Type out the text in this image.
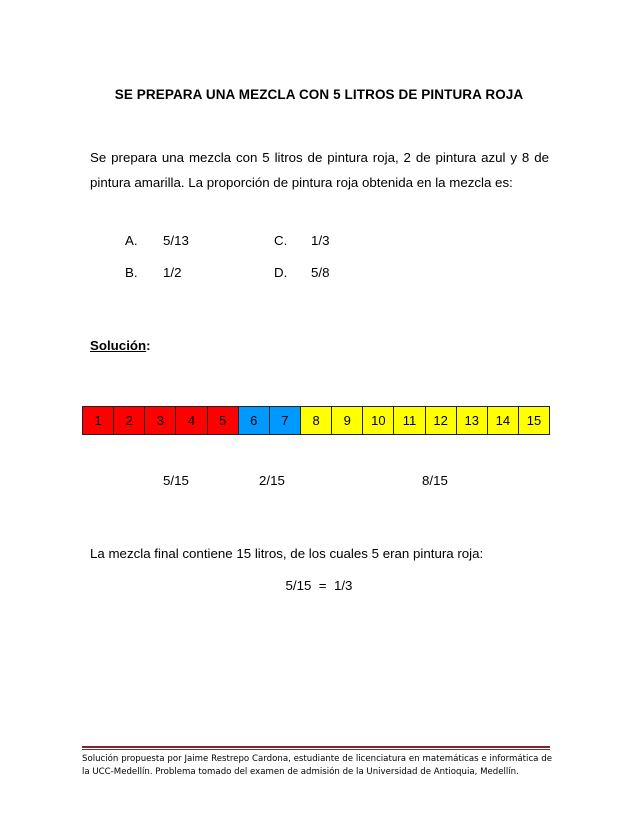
SE PREPARA UNA MEZCLA CON 5 LITROS DE PINTURA ROJA
Se prepara una mezcla con 5 litros de pintura roja, 2 de pintura azul y 8 de pintura amarilla. La proporción de pintura roja obtenida en la mezcla es:
A. 5/13	C. 1/3
B. 1/2	D. 5/8
Solución:
1	2	3	4	5	6	7	8	9	10	11	12	13	14	15
5/15	2/15	8/15
La mezcla final contiene 15 litros, de los cuales 5 eran pintura roja:
5/15  =  1/3
Solución propuesta por Jaime Restrepo Cardona, estudiante de licenciatura en matemáticas e informática de la UCC-Medellín. Problema tomado del examen de admisión de la Universidad de Antioquia, Medellín.
